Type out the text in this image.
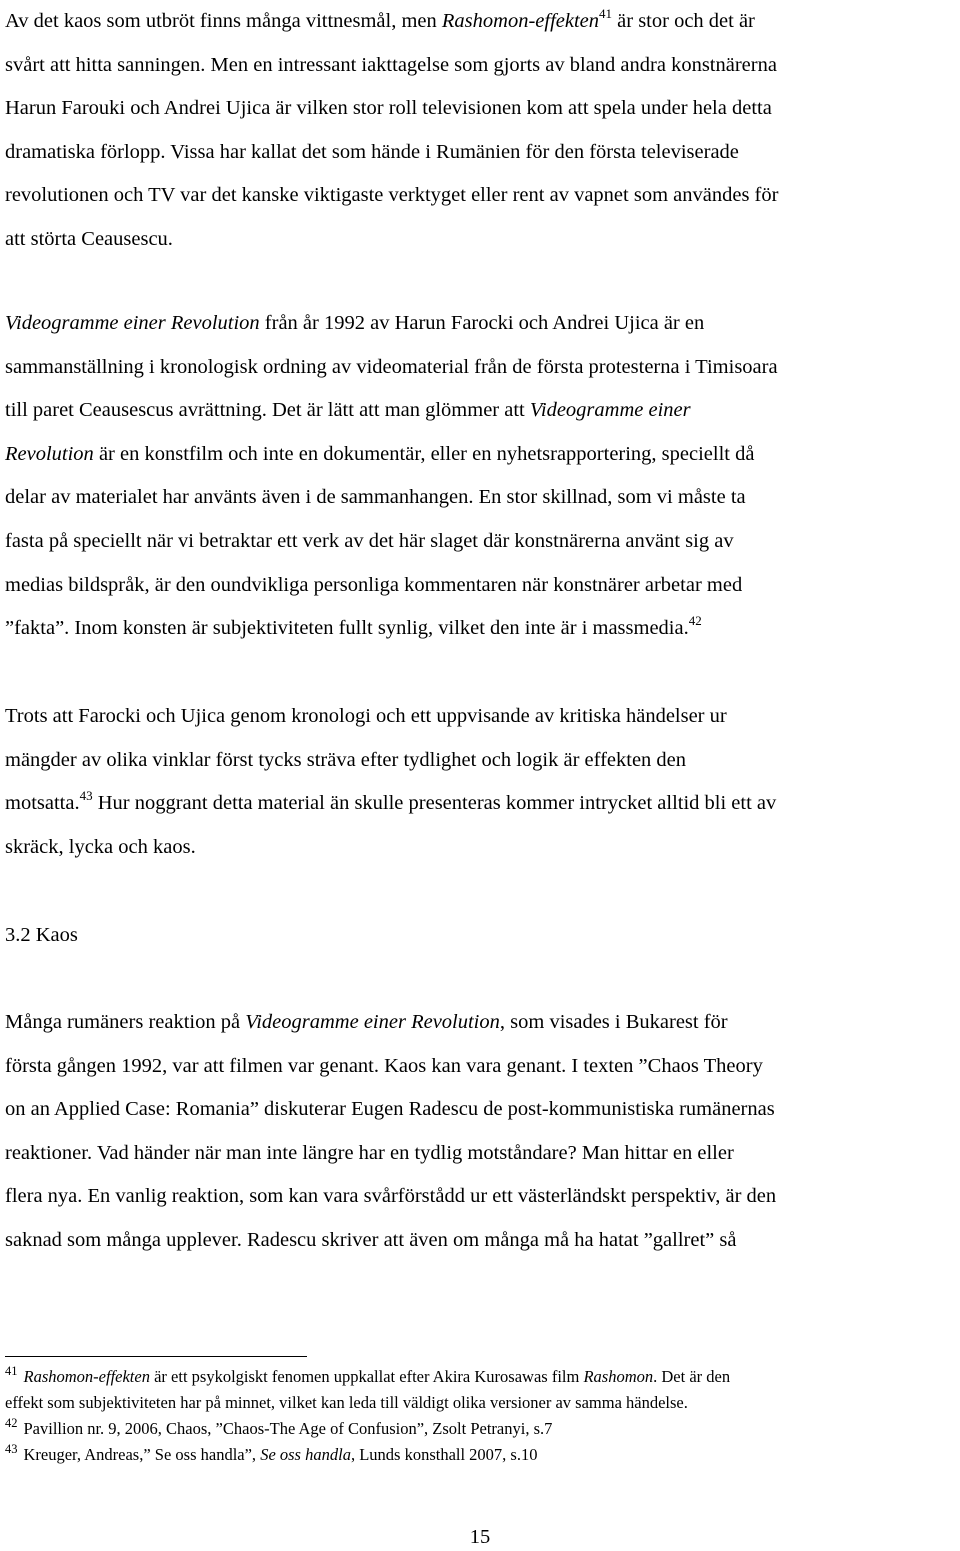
Av det kaos som utbröt finns många vittnesmål, men Rashomon-effekten$^{41}$ är stor och det är
svårt att hitta sanningen. Men en intressant iakttagelse som gjorts av bland andra konstnärerna
Harun Farouki och Andrei Ujica är vilken stor roll televisionen kom att spela under hela detta
dramatiska förlopp. Vissa har kallat det som hände i Rumänien för den första televiserade
revolutionen och TV var det kanske viktigaste verktyget eller rent av vapnet som användes för
att störta Ceausescu.
Videogramme einer Revolution från år 1992 av Harun Farocki och Andrei Ujica är en
sammanställning i kronologisk ordning av videomaterial från de första protesterna i Timisoara
till paret Ceausescus avrättning. Det är lätt att man glömmer att Videogramme einer
Revolution är en konstfilm och inte en dokumentär, eller en nyhetsrapportering, speciellt då
delar av materialet har använts även i de sammanhangen. En stor skillnad, som vi måste ta
fasta på speciellt när vi betraktar ett verk av det här slaget där konstnärerna använt sig av
medias bildspråk, är den oundvikliga personliga kommentaren när konstnärer arbetar med
”fakta”. Inom konsten är subjektiviteten fullt synlig, vilket den inte är i massmedia.$^{42}$
Trots att Farocki och Ujica genom kronologi och ett uppvisande av kritiska händelser ur
mängder av olika vinklar först tycks sträva efter tydlighet och logik är effekten den
motsatta.$^{43}$ Hur noggrant detta material än skulle presenteras kommer intrycket alltid bli ett av
skräck, lycka och kaos.
3.2 Kaos
Många rumäners reaktion på Videogramme einer Revolution, som visades i Bukarest för
första gången 1992, var att filmen var genant. Kaos kan vara genant. I texten ”Chaos Theory
on an Applied Case: Romania” diskuterar Eugen Radescu de post-kommunistiska rumänernas
reaktioner. Vad händer när man inte längre har en tydlig motståndare? Man hittar en eller
flera nya. En vanlig reaktion, som kan vara svårförstådd ur ett västerländskt perspektiv, är den
saknad som många upplever. Radescu skriver att även om många må ha hatat ”gallret” så
$^{41}$ Rashomon-effekten är ett psykolgiskt fenomen uppkallat efter Akira Kurosawas film Rashomon. Det är den
effekt som subjektiviteten har på minnet, vilket kan leda till väldigt olika versioner av samma händelse.
$^{42}$ Pavillion nr. 9, 2006, Chaos, ”Chaos-The Age of Confusion”, Zsolt Petranyi, s.7
$^{43}$ Kreuger, Andreas,” Se oss handla”, Se oss handla, Lunds konsthall 2007, s.10
15
